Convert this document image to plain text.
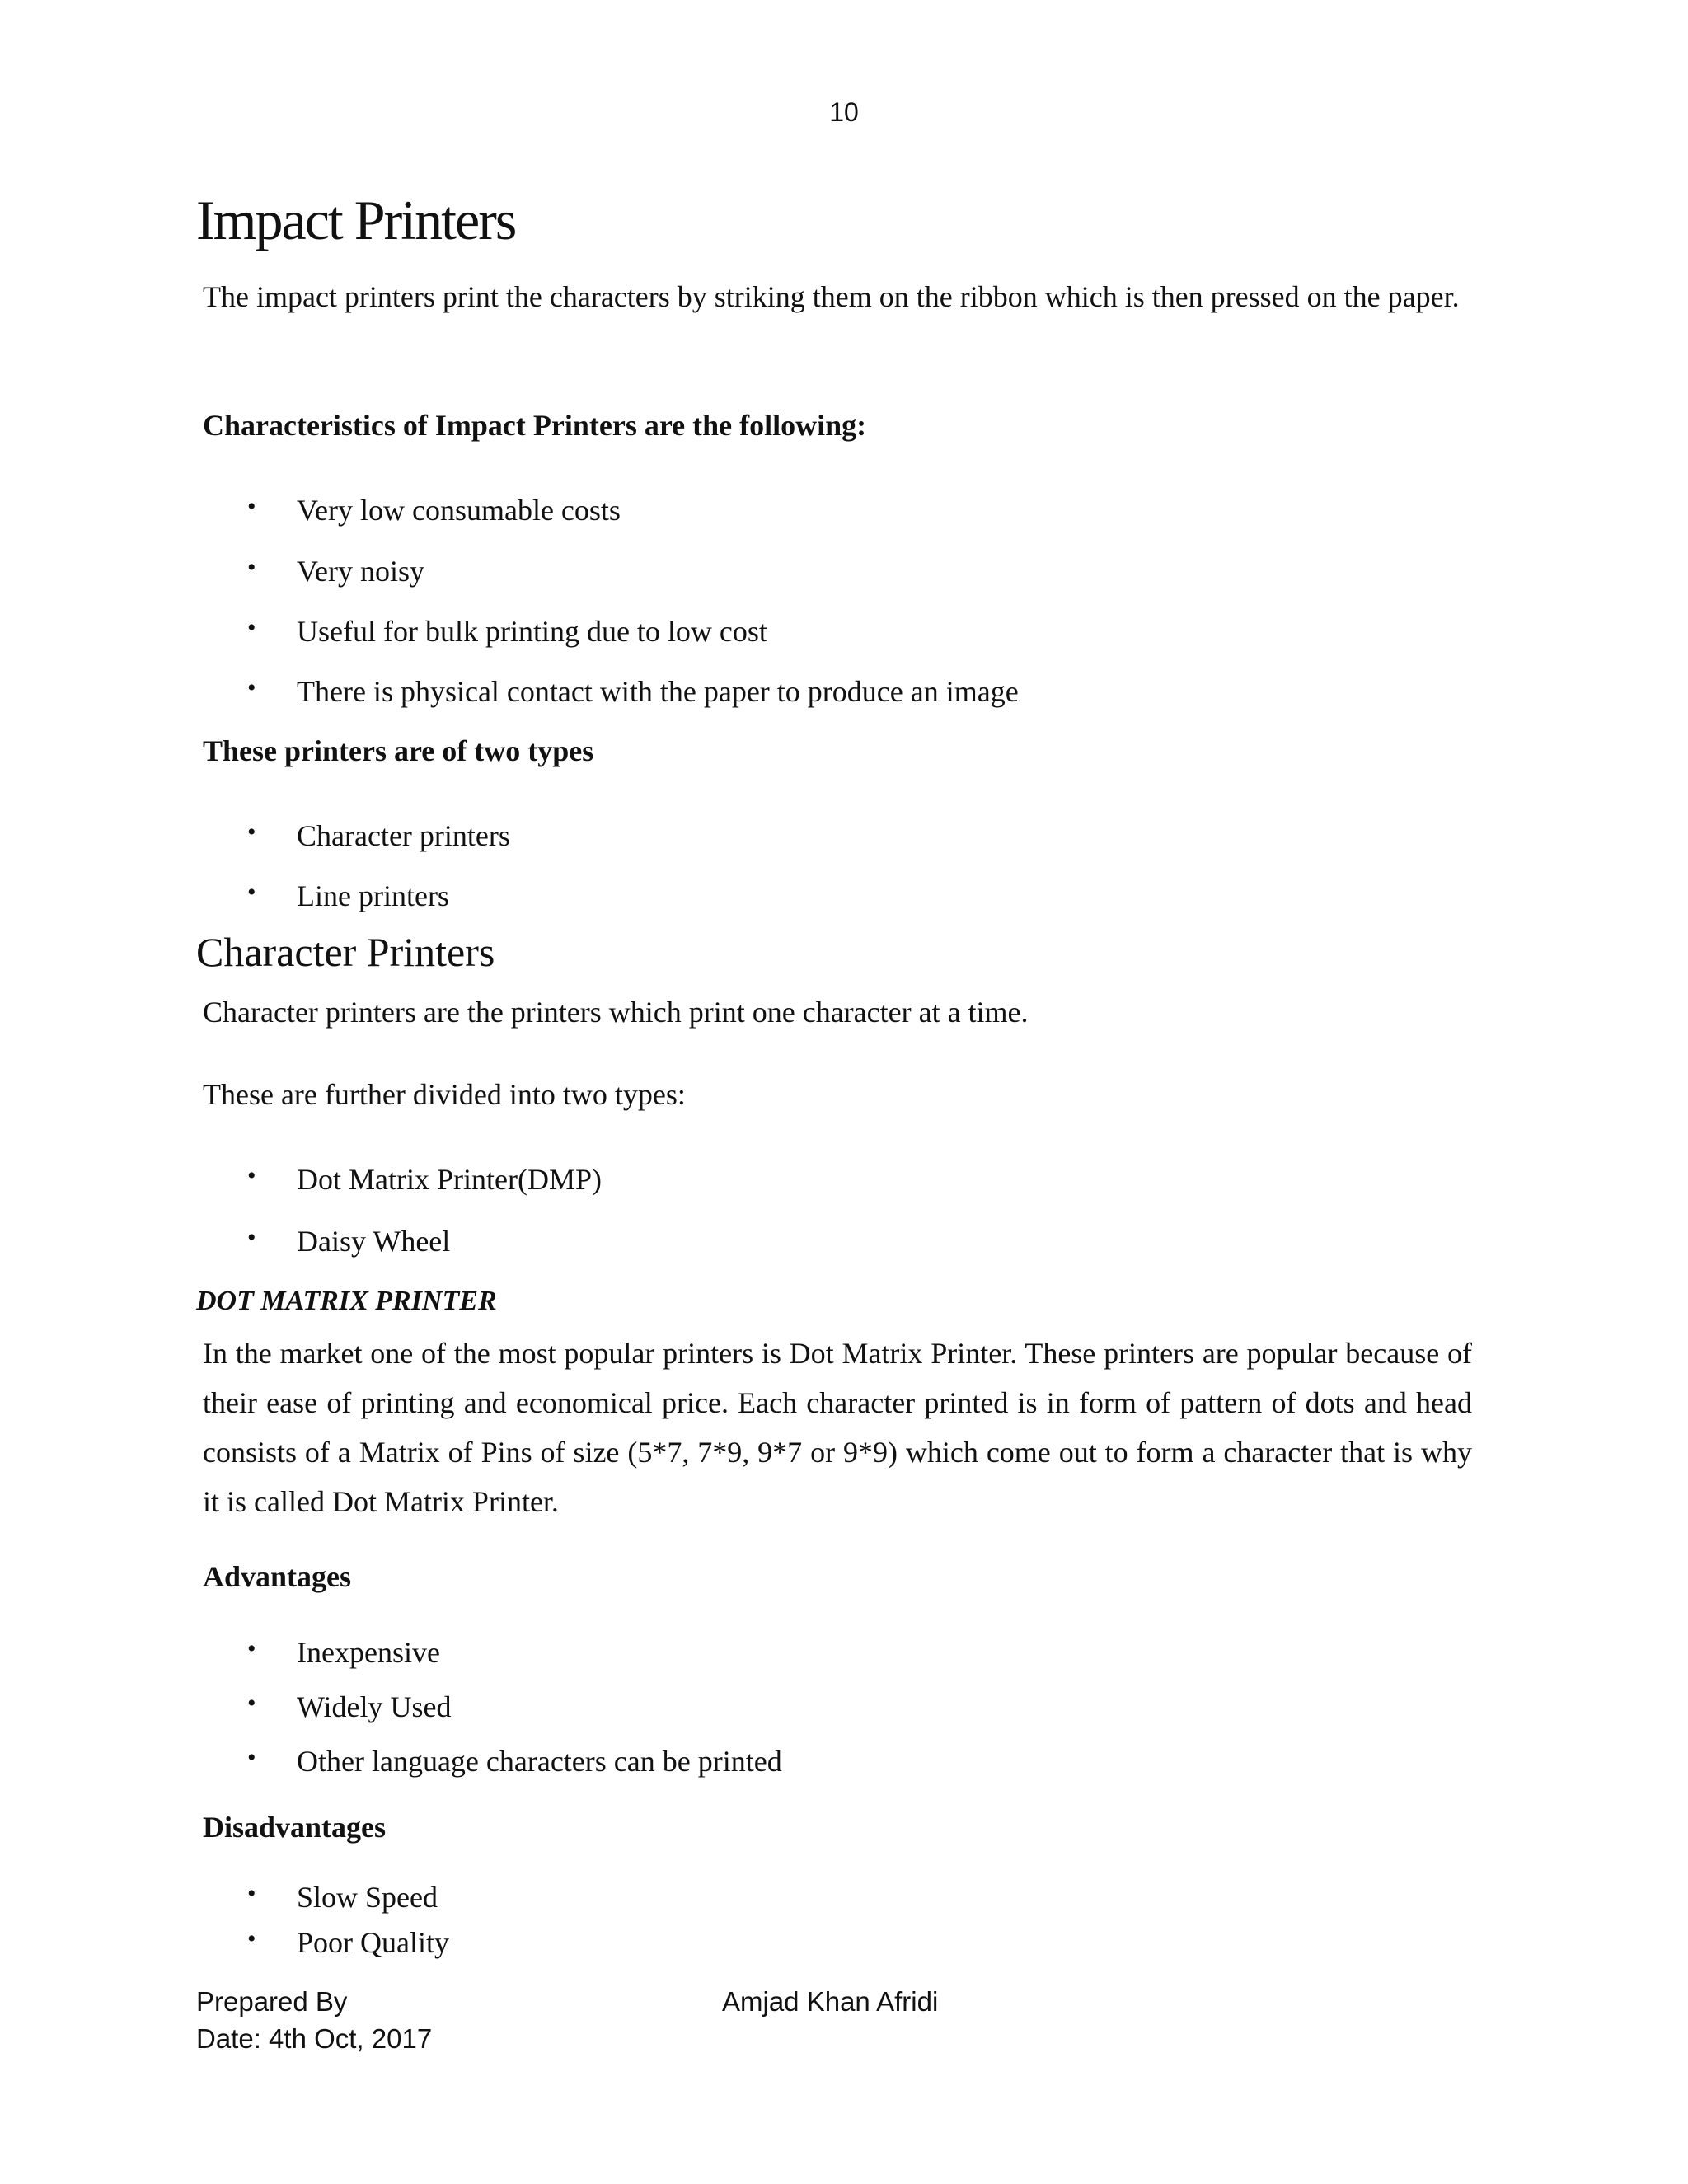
10
Impact Printers
The impact printers print the characters by striking them on the ribbon which is then pressed on the paper.
Characteristics of Impact Printers are the following:
• Very low consumable costs
• Very noisy
• Useful for bulk printing due to low cost
• There is physical contact with the paper to produce an image
These printers are of two types
• Character printers
• Line printers
Character Printers
Character printers are the printers which print one character at a time.
These are further divided into two types:
• Dot Matrix Printer(DMP)
• Daisy Wheel
DOT MATRIX PRINTER
In the market one of the most popular printers is Dot Matrix Printer. These printers are popular because of their ease of printing and economical price. Each character printed is in form of pattern of dots and head consists of a Matrix of Pins of size (5*7, 7*9, 9*7 or 9*9) which come out to form a character that is why it is called Dot Matrix Printer.
Advantages
• Inexpensive
• Widely Used
• Other language characters can be printed
Disadvantages
• Slow Speed
• Poor Quality
Prepared By	Amjad Khan Afridi
Date: 4th Oct, 2017
